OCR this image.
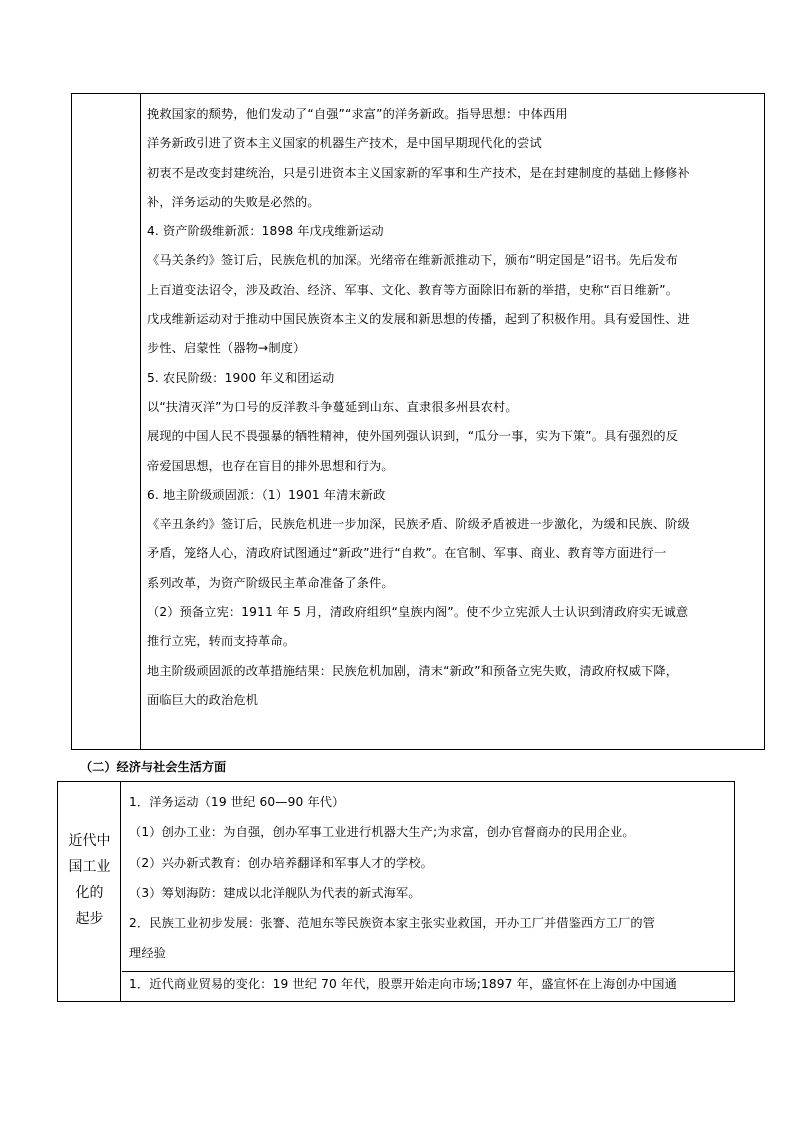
挽救国家的颓势，他们发动了“自强”“求富”的洋务新政。指导思想：中体西用
洋务新政引进了资本主义国家的机器生产技术，是中国早期现代化的尝试
初衷不是改变封建统治，只是引进资本主义国家新的军事和生产技术，是在封建制度的基础上修修补
补，洋务运动的失败是必然的。
4. 资产阶级维新派：1898 年戊戌维新运动
《马关条约》签订后，民族危机的加深。光绪帝在维新派推动下，颁布“明定国是”诏书。先后发布
上百道变法诏令，涉及政治、经济、军事、文化、教育等方面除旧布新的举措，史称“百日维新”。
戊戌维新运动对于推动中国民族资本主义的发展和新思想的传播，起到了积极作用。具有爱国性、进
步性、启蒙性（器物→制度）
5. 农民阶级：1900 年义和团运动
以“扶清灭洋”为口号的反洋教斗争蔓延到山东、直隶很多州县农村。
展现的中国人民不畏强暴的牺牲精神，使外国列强认识到，“瓜分一事，实为下策”。具有强烈的反
帝爱国思想，也存在盲目的排外思想和行为。
6. 地主阶级顽固派：（1）1901 年清末新政
《辛丑条约》签订后，民族危机进一步加深，民族矛盾、阶级矛盾被进一步激化，为缓和民族、阶级
矛盾，笼络人心，清政府试图通过“新政”进行“自救”。在官制、军事、商业、教育等方面进行一
系列改革，为资产阶级民主革命准备了条件。
（2）预备立宪：1911 年 5 月，清政府组织“皇族内阁”。使不少立宪派人士认识到清政府实无诚意
推行立宪，转而支持革命。
地主阶级顽固派的改革措施结果：民族危机加剧，清末“新政”和预备立宪失败，清政府权威下降，
面临巨大的政治危机
（二）经济与社会生活方面
近代中
国工业
化的
起步
1．洋务运动（19 世纪 60—90 年代）
（1）创办工业：为自强，创办军事工业进行机器大生产;为求富，创办官督商办的民用企业。
（2）兴办新式教育：创办培养翻译和军事人才的学校。
（3）筹划海防：建成以北洋舰队为代表的新式海军。
2．民族工业初步发展：张謇、范旭东等民族资本家主张实业救国，开办工厂并借鉴西方工厂的管
理经验
1．近代商业贸易的变化：19 世纪 70 年代，股票开始走向市场;1897 年，盛宣怀在上海创办中国通
